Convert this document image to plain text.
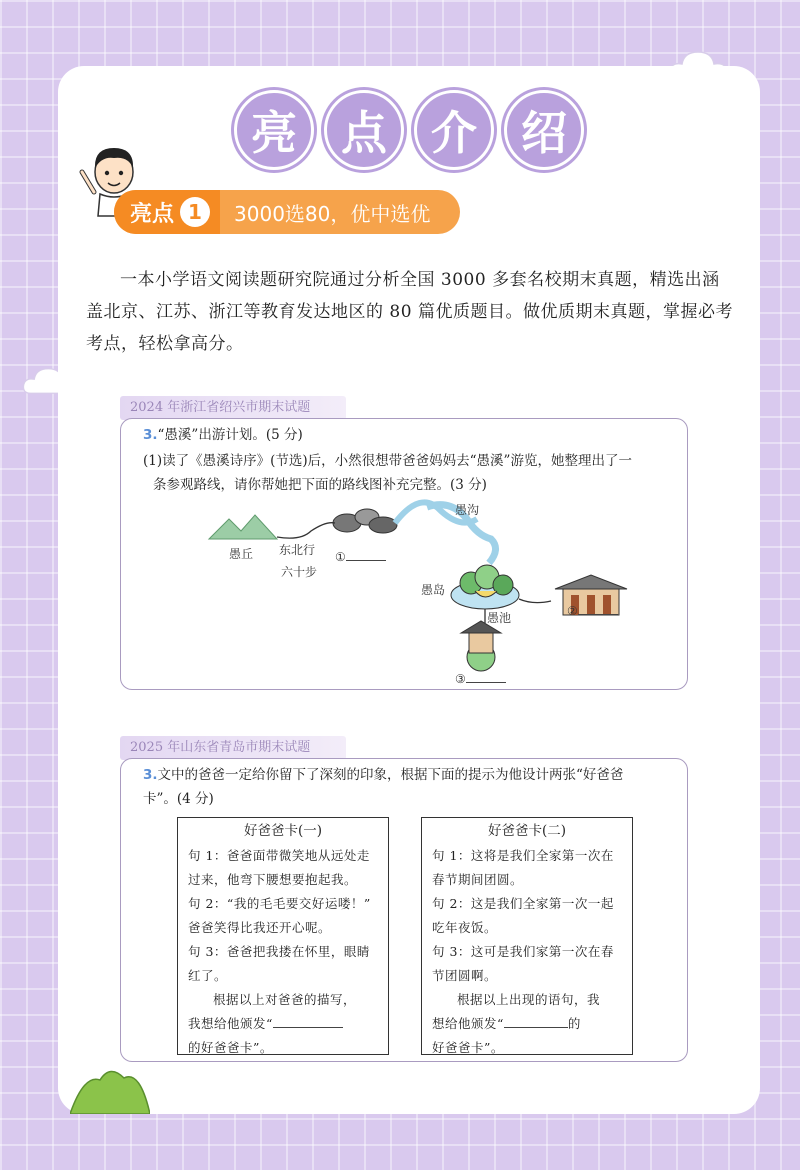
亮 点 介 绍
亮点 1	3000选80，优中选优

一本小学语文阅读题研究院通过分析全国 3000 多套名校期末真题，精选出涵盖北京、江苏、浙江等教育发达地区的 80 篇优质题目。做优质期末真题，掌握必考考点，轻松拿高分。

2024 年浙江省绍兴市期末试题
3.“愚溪”出游计划。(5 分)
(1)读了《愚溪诗序》(节选)后，小然很想带爸爸妈妈去“愚溪”游览，她整理出了一
条参观路线，请你帮她把下面的路线图补充完整。(3 分)
愚丘 东北行
六十步
①
愚沟
愚岛
愚池	②
③
2025 年山东省青岛市期末试题
3.文中的爸爸一定给你留下了深刻的印象，根据下面的提示为他设计两张“好爸爸
卡”。(4 分)
好爸爸卡(一)
句 1：爸爸面带微笑地从远处走
过来，他弯下腰想要抱起我。
句 2：“我的毛毛要交好运喽！”
爸爸笑得比我还开心呢。
句 3：爸爸把我搂在怀里，眼睛
红了。
根据以上对爸爸的描写，
我想给他颁发“
的好爸爸卡”。
好爸爸卡(二)
句 1：这将是我们全家第一次在
春节期间团圆。
句 2：这是我们全家第一次一起
吃年夜饭。
句 3：这可是我们家第一次在春
节团圆啊。
根据以上出现的语句，我
想给他颁发“	的
好爸爸卡”。
